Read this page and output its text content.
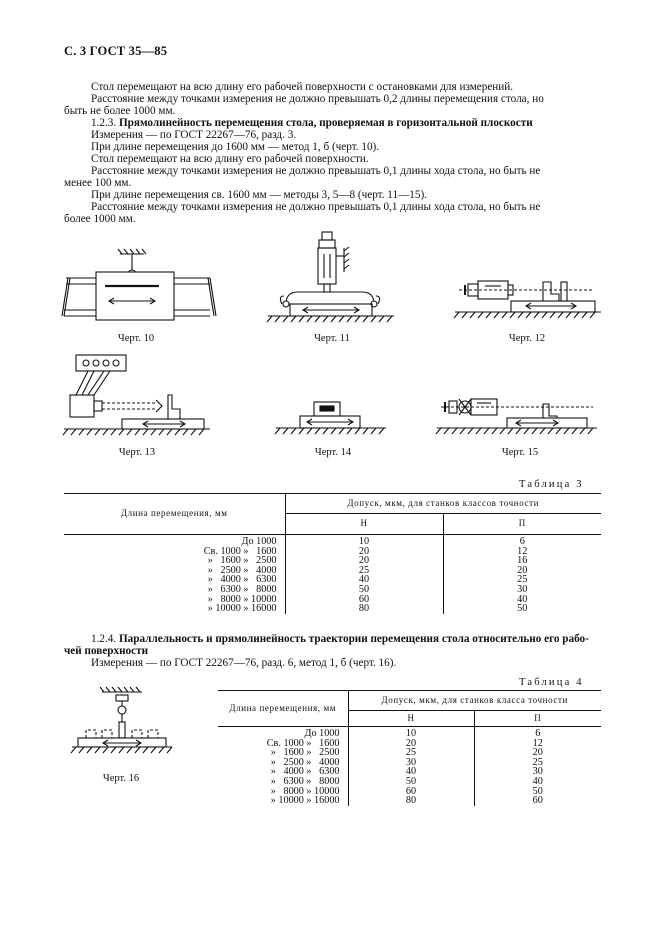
С. 3 ГОСТ 35—85
Стол перемещают на всю длину его рабочей поверхности с остановками для измерений.
Расстояние между точками измерения не должно превышать 0,2 длины перемещения стола, но
быть не более 1000 мм.
1.2.3. Прямолинейность перемещения стола, проверяемая в горизонтальной плоскости
Измерения — по ГОСТ 22267—76, разд. 3.
При длине перемещения до 1600 мм — метод 1, б (черт. 10).
Стол перемещают на всю длину его рабочей поверхности.
Расстояние между точками измерения не должно превышать 0,1 длины хода стола, но быть не
менее 100 мм.
При длине перемещения св. 1600 мм — методы 3, 5—8 (черт. 11—15).
Расстояние между точками измерения не должно превышать 0,1 длины хода стола, но быть не
более 1000 мм.
Черт. 10	Черт. 11	Черт. 12
Черт. 13	Черт. 14	Черт. 15
Таблица 3
Длина перемещения, мм	Допуск, мкм, для станков классов точности	
	Н	П
До 1000	10	6
Св. 1000 »   1600	20	12
»   1600 »   2500	20	16
»   2500 »   4000	25	20
»   4000 »   6300	40	25
»   6300 »   8000	50	30
»   8000 » 10000	60	40
» 10000 » 16000	80	50
1.2.4. Параллельность и прямолинейность траектории перемещения стола относительно его рабо-
чей поверхности
Измерения — по ГОСТ 22267—76, разд. 6, метод 1, б (черт. 16).
Черт. 16
Таблица 4
Длина перемещения, мм	Допуск, мкм, для станков класса точности	
	Н	П
До 1000	10	6
Св. 1000 »   1600	20	12
»   1600 »   2500	25	20
»   2500 »   4000	30	25
»   4000 »   6300	40	30
»   6300 »   8000	50	40
»   8000 » 10000	60	50
» 10000 » 16000	80	60
